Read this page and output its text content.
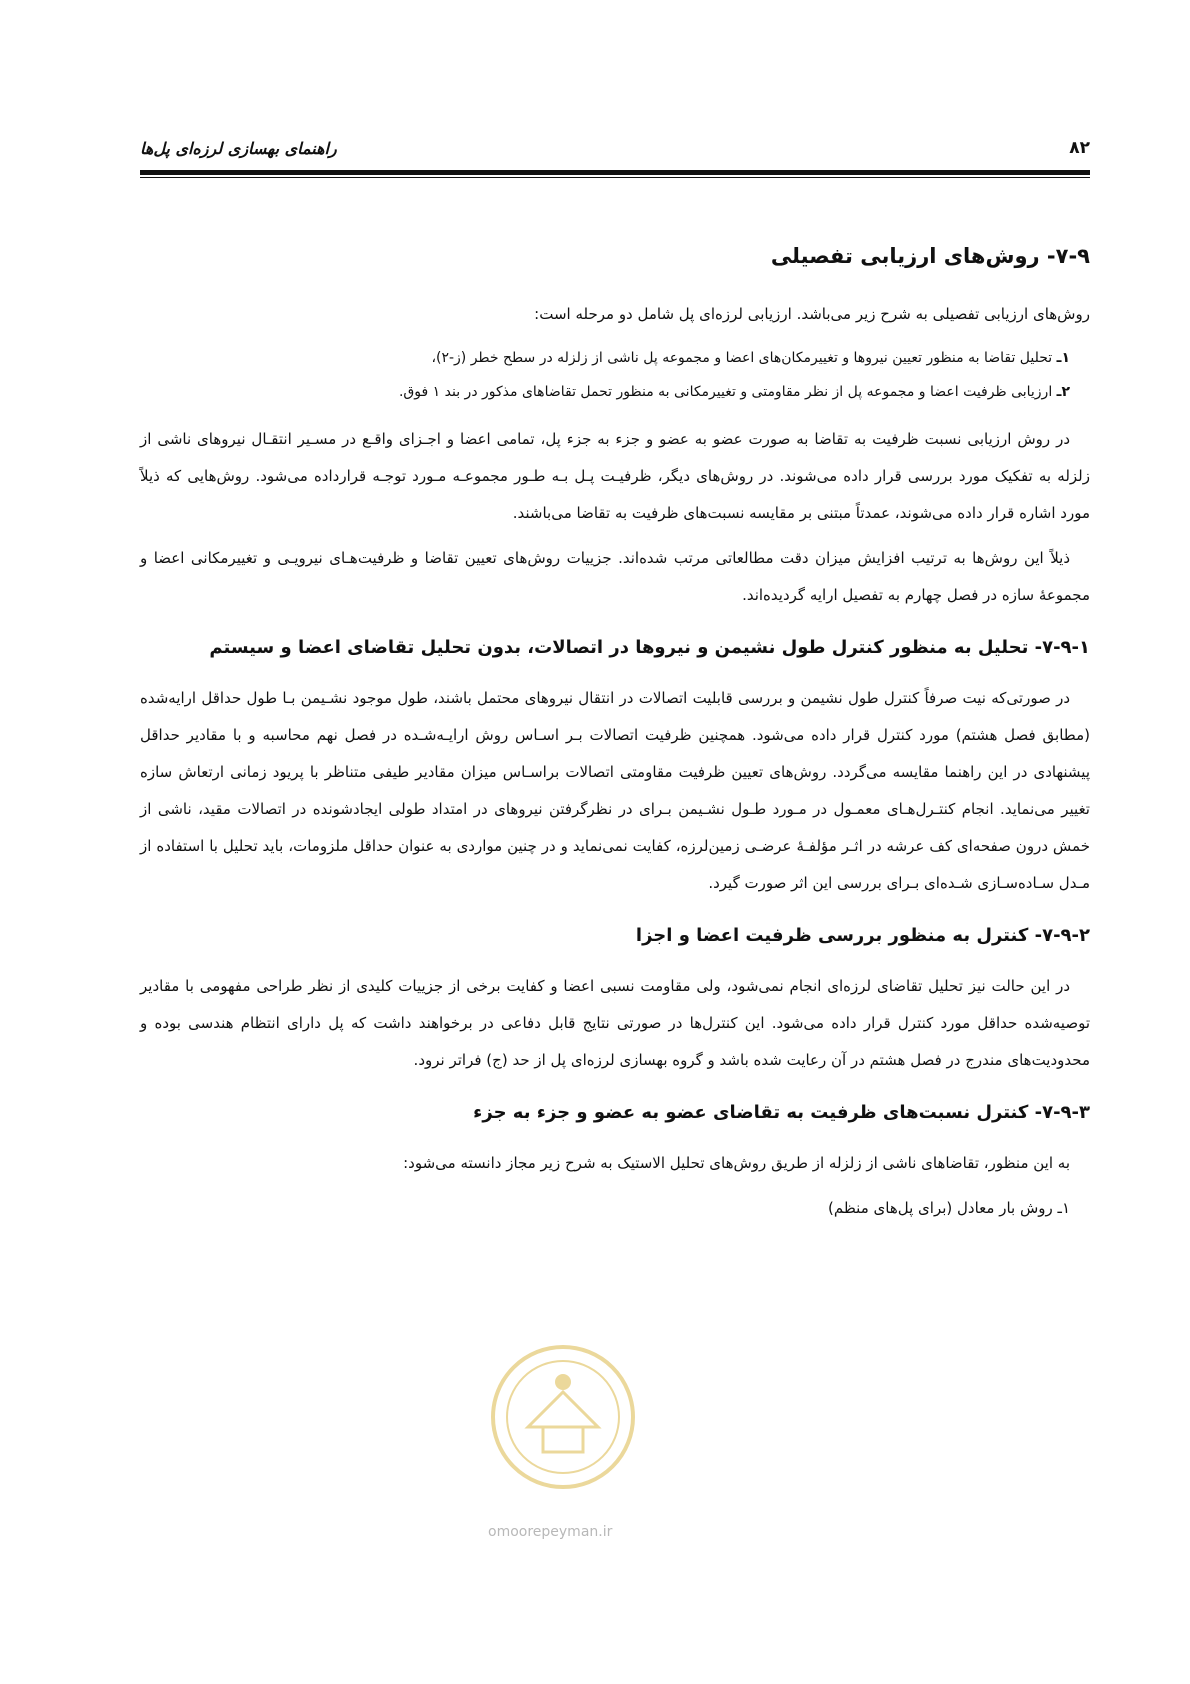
۸۲
راهنمای بهسازی لرزه‌ای پل‌ها
۷-۹- روش‌های ارزیابی تفصیلی

روش‌های ارزیابی تفصیلی به شرح زیر می‌باشد. ارزیابی لرزه‌ای پل شامل دو مرحله است:

۱ـ تحلیل تقاضا به منظور تعیین نیروها و تغییرمکان‌های اعضا و مجموعه پل ناشی از زلزله در سطح خطر (ز-۲)،
۲ـ ارزیابی ظرفیت اعضا و مجموعه پل از نظر مقاومتی و تغییرمکانی به منظور تحمل تقاضاهای مذکور در بند ۱ فوق.

در روش ارزیابی نسبت ظرفیت به تقاضا به صورت عضو به عضو و جزء به جزء پل، تمامی اعضا و اجـزای واقـع در مسـیر انتقـال نیروهای ناشی از زلزله به تفکیک مورد بررسی قرار داده می‌شوند. در روش‌های دیگر، ظرفیـت پـل بـه طـور مجموعـه مـورد توجـه قرارداده می‌شود. روش‌هایی که ذیلاً مورد اشاره قرار داده می‌شوند، عمدتاً مبتنی بر مقایسه نسبت‌های ظرفیت به تقاضا می‌باشند.

ذیلاً این روش‌ها به ترتیب افزایش میزان دقت مطالعاتی مرتب شده‌اند. جزییات روش‌های تعیین تقاضا و ظرفیت‌هـای نیرویـی و تغییرمکانی اعضا و مجموعهٔ سازه در فصل چهارم به تفصیل ارایه گردیده‌اند.

۷-۹-۱- تحلیل به منظور کنترل طول نشیمن و نیروها در اتصالات، بدون تحلیل تقاضای اعضا و سیستم

در صورتی‌که نیت صرفاً کنترل طول نشیمن و بررسی قابلیت اتصالات در انتقال نیروهای محتمل باشند، طول موجود نشـیمن بـا طول حداقل ارایه‌شده (مطابق فصل هشتم) مورد کنترل قرار داده می‌شود. همچنین ظرفیت اتصالات بـر اسـاس روش ارایـه‌شـده در فصل نهم محاسبه و با مقادیر حداقل پیشنهادی در این راهنما مقایسه می‌گردد. روش‌های تعیین ظرفیت مقاومتی اتصالات براسـاس میزان مقادیر طیفی متناظر با پریود زمانی ارتعاش سازه تغییر می‌نماید. انجام کنتـرل‌هـای معمـول در مـورد طـول نشـیمن بـرای در نظرگرفتن نیروهای در امتداد طولی ایجادشونده در اتصالات مقید، ناشی از خمش درون صفحه‌ای کف عرشه در اثـر مؤلفـهٔ عرضـی زمین‌لرزه، کفایت نمی‌نماید و در چنین مواردی به عنوان حداقل ملزومات، باید تحلیل با استفاده از مـدل سـاده‌سـازی شـده‌ای بـرای بررسی این اثر صورت گیرد.

۷-۹-۲- کنترل به منظور بررسی ظرفیت اعضا و اجزا

در این حالت نیز تحلیل تقاضای لرزه‌ای انجام نمی‌شود، ولی مقاومت نسبی اعضا و کفایت برخی از جزییات کلیدی از نظر طراحی مفهومی با مقادیر توصیه‌شده حداقل مورد کنترل قرار داده می‌شود. این کنترل‌ها در صورتی نتایج قابل دفاعی در برخواهند داشت که پل دارای انتظام هندسی بوده و محدودیت‌های مندرج در فصل هشتم در آن رعایت شده باشد و گروه بهسازی لرزه‌ای پل از حد (ج) فراتر نرود.

۷-۹-۳- کنترل نسبت‌های ظرفیت به تقاضای عضو به عضو و جزء به جزء

به این منظور، تقاضاهای ناشی از زلزله از طریق روش‌های تحلیل الاستیک به شرح زیر مجاز دانسته می‌شود:

۱ـ روش بار معادل (برای پل‌های منظم)

omoorepeyman.ir
